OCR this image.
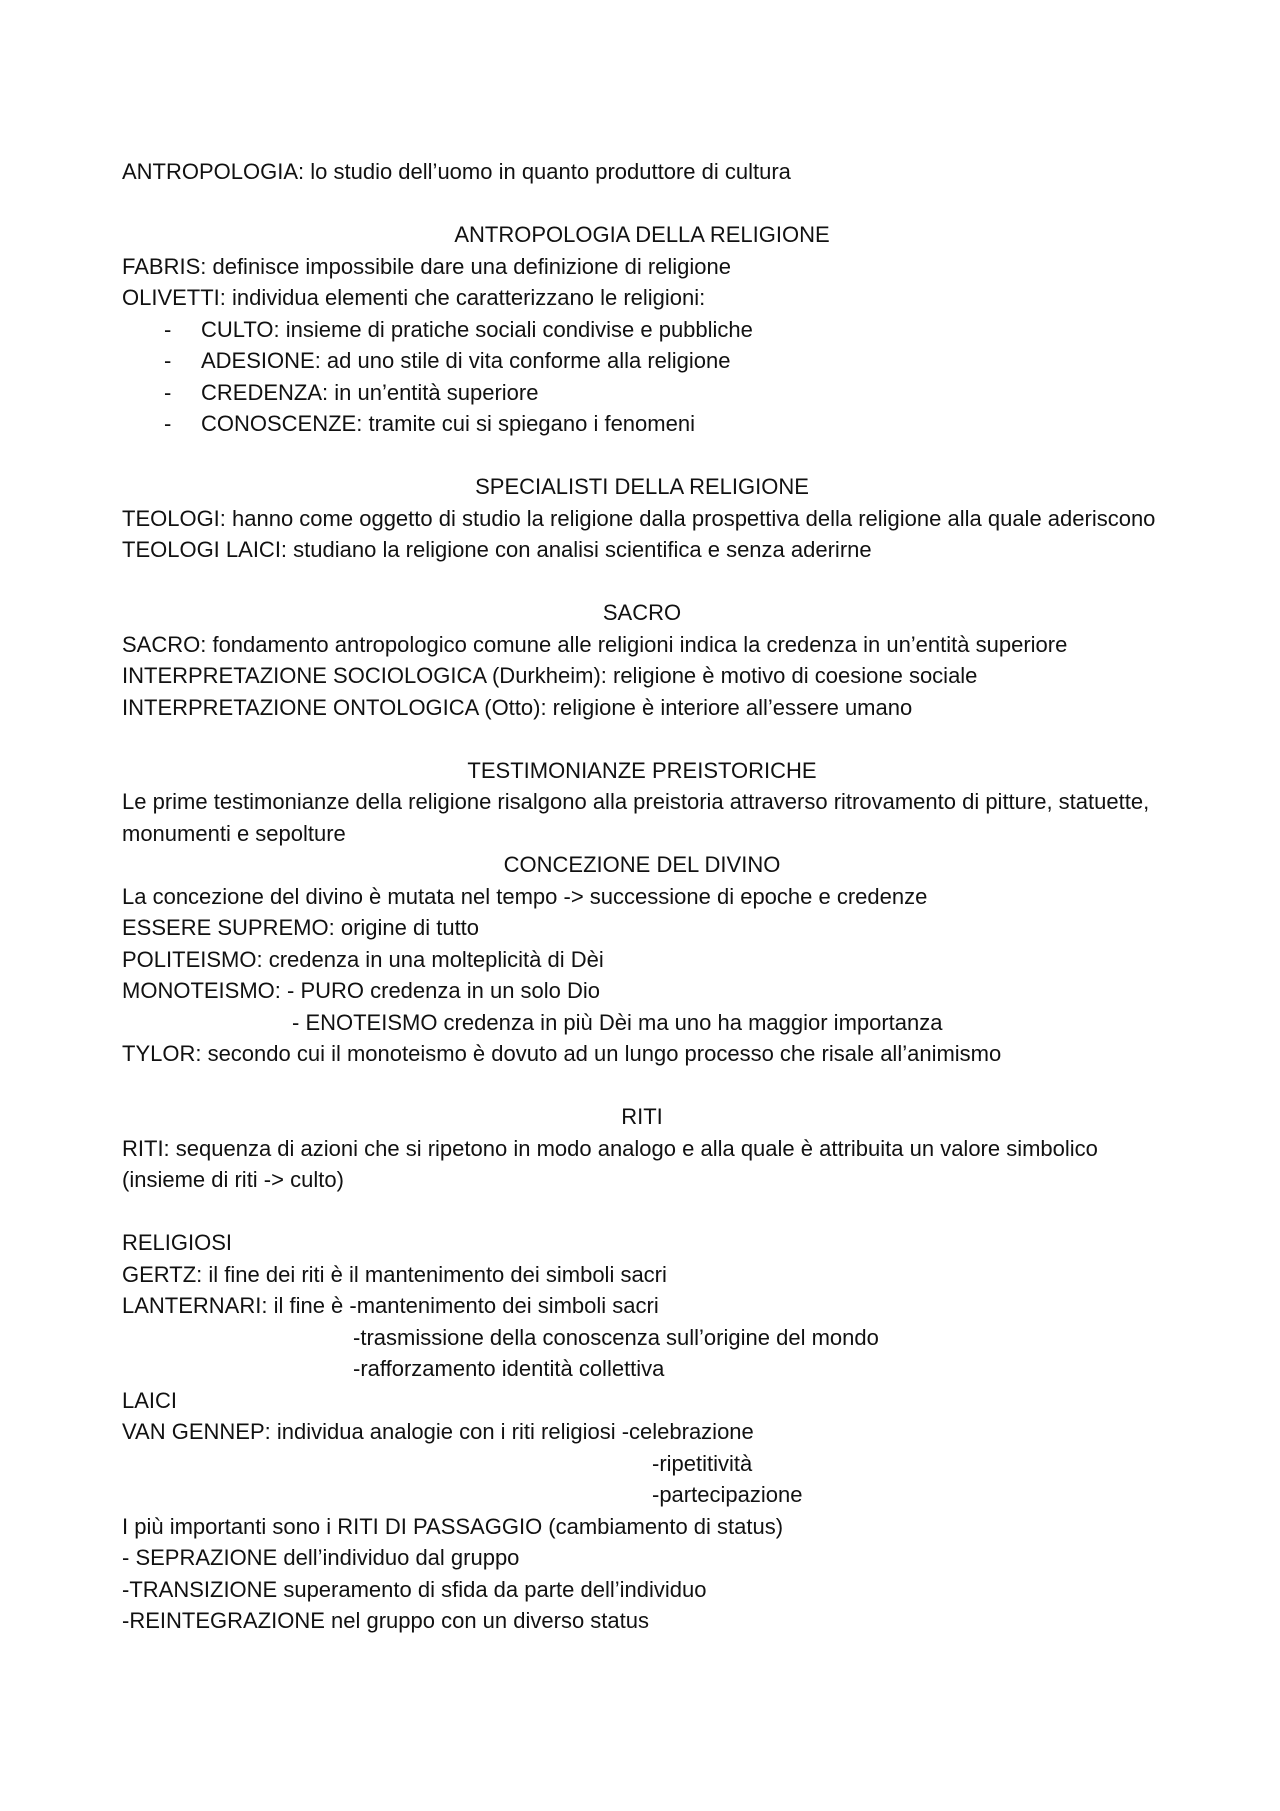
ANTROPOLOGIA: lo studio dell’uomo in quanto produttore di cultura
ANTROPOLOGIA DELLA RELIGIONE
FABRIS: definisce impossibile dare una definizione di religione
OLIVETTI: individua elementi che caratterizzano le religioni:
- CULTO: insieme di pratiche sociali condivise e pubbliche
- ADESIONE: ad uno stile di vita conforme alla religione
- CREDENZA: in un’entità superiore
- CONOSCENZE: tramite cui si spiegano i fenomeni
SPECIALISTI DELLA RELIGIONE
TEOLOGI: hanno come oggetto di studio la religione dalla prospettiva della religione alla quale aderiscono
TEOLOGI LAICI: studiano la religione con analisi scientifica e senza aderirne
SACRO
SACRO: fondamento antropologico comune alle religioni indica la credenza in un’entità superiore
INTERPRETAZIONE SOCIOLOGICA (Durkheim): religione è motivo di coesione sociale
INTERPRETAZIONE ONTOLOGICA (Otto): religione è interiore all’essere umano
TESTIMONIANZE PREISTORICHE
Le prime testimonianze della religione risalgono alla preistoria attraverso ritrovamento di pitture, statuette, monumenti e sepolture
CONCEZIONE DEL DIVINO
La concezione del divino è mutata nel tempo -> successione di epoche e credenze
ESSERE SUPREMO: origine di tutto
POLITEISMO: credenza in una molteplicità di Dèi
MONOTEISMO: - PURO credenza in un solo Dio
- ENOTEISMO credenza in più Dèi ma uno ha maggior importanza
TYLOR: secondo cui il monoteismo è dovuto ad un lungo processo che risale all’animismo
RITI
RITI: sequenza di azioni che si ripetono in modo analogo e alla quale è attribuita un valore simbolico (insieme di riti -> culto)
RELIGIOSI
GERTZ: il fine dei riti è il mantenimento dei simboli sacri
LANTERNARI: il fine è -mantenimento dei simboli sacri
-trasmissione della conoscenza sull’origine del mondo
-rafforzamento identità collettiva
LAICI
VAN GENNEP: individua analogie con i riti religiosi -celebrazione
-ripetitività
-partecipazione
I più importanti sono i RITI DI PASSAGGIO (cambiamento di status)
- SEPRAZIONE dell’individuo dal gruppo
-TRANSIZIONE superamento di sfida da parte dell’individuo
-REINTEGRAZIONE nel gruppo con un diverso status
